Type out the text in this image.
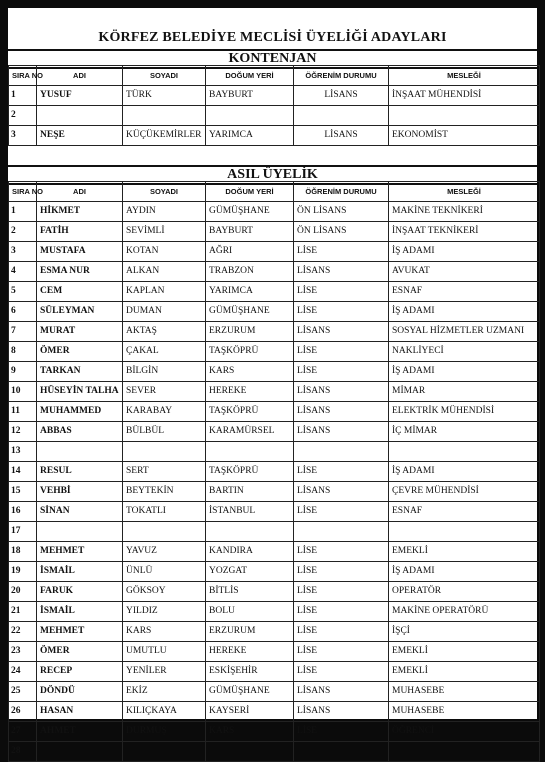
KÖRFEZ BELEDİYE MECLİSİ ÜYELİĞİ ADAYLARI
KONTENJAN
SIRA NO	ADI	SOYADI	DOĞUM YERİ	ÖĞRENİM DURUMU	MESLEĞİ
1	YUSUF	TÜRK	BAYBURT	LİSANS	İNŞAAT MÜHENDİSİ
2					
3	NEŞE	KÜÇÜKEMİRLER	YARIMCA	LİSANS	EKONOMİST
ASIL ÜYELİK
SIRA NO	ADI	SOYADI	DOĞUM YERİ	ÖĞRENİM DURUMU	MESLEĞİ
1	HİKMET	AYDIN	GÜMÜŞHANE	ÖN LİSANS	MAKİNE TEKNİKERİ
2	FATİH	SEVİMLİ	BAYBURT	ÖN LİSANS	İNŞAAT TEKNİKERİ
3	MUSTAFA	KOTAN	AĞRI	LİSE	İŞ ADAMI
4	ESMA NUR	ALKAN	TRABZON	LİSANS	AVUKAT
5	CEM	KAPLAN	YARIMCA	LİSE	ESNAF
6	SÜLEYMAN	DUMAN	GÜMÜŞHANE	LİSE	İŞ ADAMI
7	MURAT	AKTAŞ	ERZURUM	LİSANS	SOSYAL HİZMETLER UZMANI
8	ÖMER	ÇAKAL	TAŞKÖPRÜ	LİSE	NAKLİYECİ
9	TARKAN	BİLGİN	KARS	LİSE	İŞ ADAMI
10	HÜSEYİN TALHA	SEVER	HEREKE	LİSANS	MİMAR
11	MUHAMMED	KARABAY	TAŞKÖPRÜ	LİSANS	ELEKTRİK MÜHENDİSİ
12	ABBAS	BÜLBÜL	KARAMÜRSEL	LİSANS	İÇ MİMAR
13					
14	RESUL	SERT	TAŞKÖPRÜ	LİSE	İŞ ADAMI
15	VEHBİ	BEYTEKİN	BARTIN	LİSANS	ÇEVRE MÜHENDİSİ
16	SİNAN	TOKATLI	İSTANBUL	LİSE	ESNAF
17					
18	MEHMET	YAVUZ	KANDIRA	LİSE	EMEKLİ
19	İSMAİL	ÜNLÜ	YOZGAT	LİSE	İŞ ADAMI
20	FARUK	GÖKSOY	BİTLİS	LİSE	OPERATÖR
21	İSMAİL	YILDIZ	BOLU	LİSE	MAKİNE OPERATÖRÜ
22	MEHMET	KARS	ERZURUM	LİSE	İŞÇİ
23	ÖMER	UMUTLU	HEREKE	LİSE	EMEKLİ
24	RECEP	YENİLER	ESKİŞEHİR	LİSE	EMEKLİ
25	DÖNDÜ	EKİZ	GÜMÜŞHANE	LİSANS	MUHASEBE
26	HASAN	KILIÇKAYA	KAYSERİ	LİSANS	MUHASEBE
27	AHMET	DURMUŞ	KARS	LİSE	ÖĞRENCİ
28					
